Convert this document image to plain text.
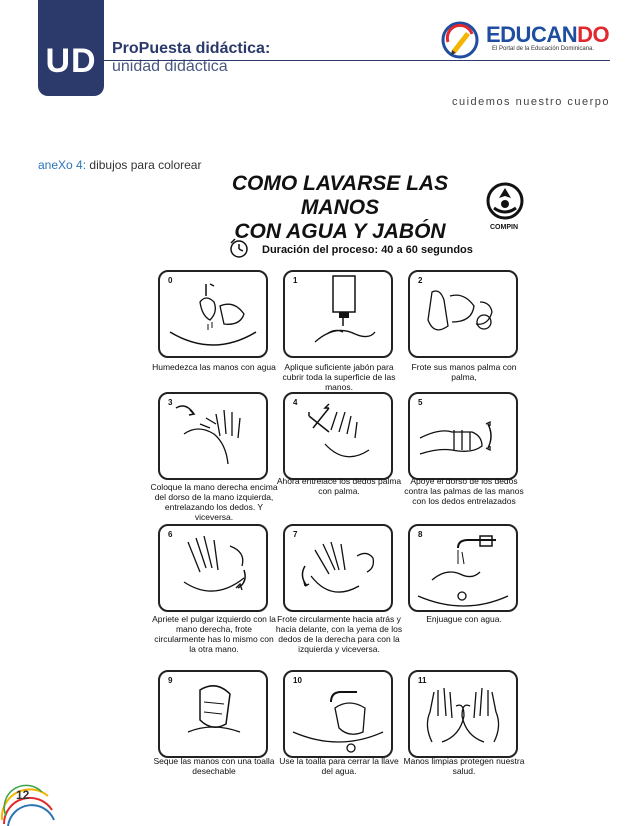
UD ProPuesta didáctica:
unidad didáctica
EDUCANDO
El Portal de la Educación Dominicana.
cuidemos nuestro cuerpo
aneXo 4: dibujos para colorear
COMO LAVARSE LAS MANOS
CON AGUA Y JABÓN	COMPIN
Duración del proceso: 40 a 60 segundos
0
Humedezca las manos con agua
1
Aplique suficiente jabón para cubrir toda la superficie de las manos.
2
Frote sus manos palma con palma,
3
Coloque la mano derecha encima del dorso de la mano izquierda, entrelazando los dedos. Y viceversa.
4
Ahora entrelace los dedos palma con palma.
5
Apoye el dorso de los dedos contra las palmas de las manos con los dedos entrelazados
6
Apriete el pulgar izquierdo con la mano derecha, frote circularmente has lo mismo con la otra mano.
7
Frote circularmente hacia atrás y hacia delante, con la yema de los dedos de la derecha para con la izquierda y viceversa.
8
Enjuague con agua.
9
Seque las manos con una toalla desechable
10
Use la toalla para cerrar la llave del agua.
11
Manos limpias protegen nuestra salud.
12
